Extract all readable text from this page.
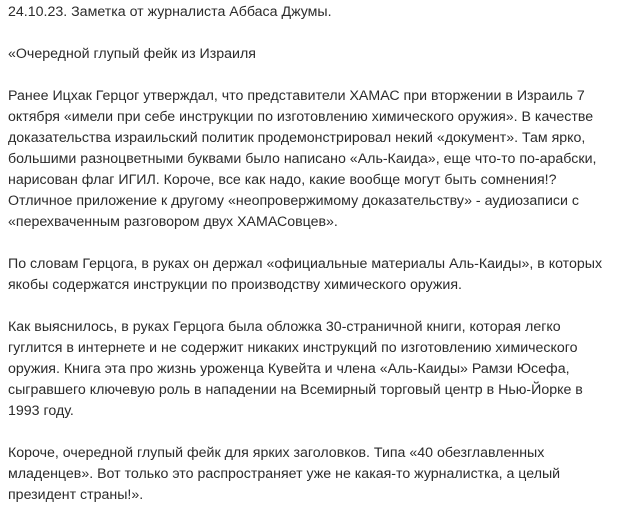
24.10.23. Заметка от журналиста Аббаса Джумы.

«Очередной глупый фейк из Израиля

Ранее Ицхак Герцог утверждал, что представители ХАМАС при вторжении в Израиль 7 октября «имели при себе инструкции по изготовлению химического оружия». В качестве доказательства израильский политик продемонстрировал некий «документ». Там ярко, большими разноцветными буквами было написано «Аль-Каида», еще что-то по-арабски, нарисован флаг ИГИЛ. Короче, все как надо, какие вообще могут быть сомнения!? Отличное приложение к другому «неопровержимому доказательству» - аудиозаписи с «перехваченным разговором двух ХАМАСовцев».

По словам Герцога, в руках он держал «официальные материалы Аль-Каиды», в которых якобы содержатся инструкции по производству химического оружия.

Как выяснилось, в руках Герцога была обложка 30-страничной книги, которая легко гуглится в интернете и не содержит никаких инструкций по изготовлению химического оружия. Книга эта про жизнь уроженца Кувейта и члена «Аль-Каиды» Рамзи Юсефа, сыгравшего ключевую роль в нападении на Всемирный торговый центр в Нью-Йорке в 1993 году.

Короче, очередной глупый фейк для ярких заголовков. Типа «40 обезглавленных младенцев». Вот только это распространяет уже не какая-то журналистка, а целый президент страны!».
